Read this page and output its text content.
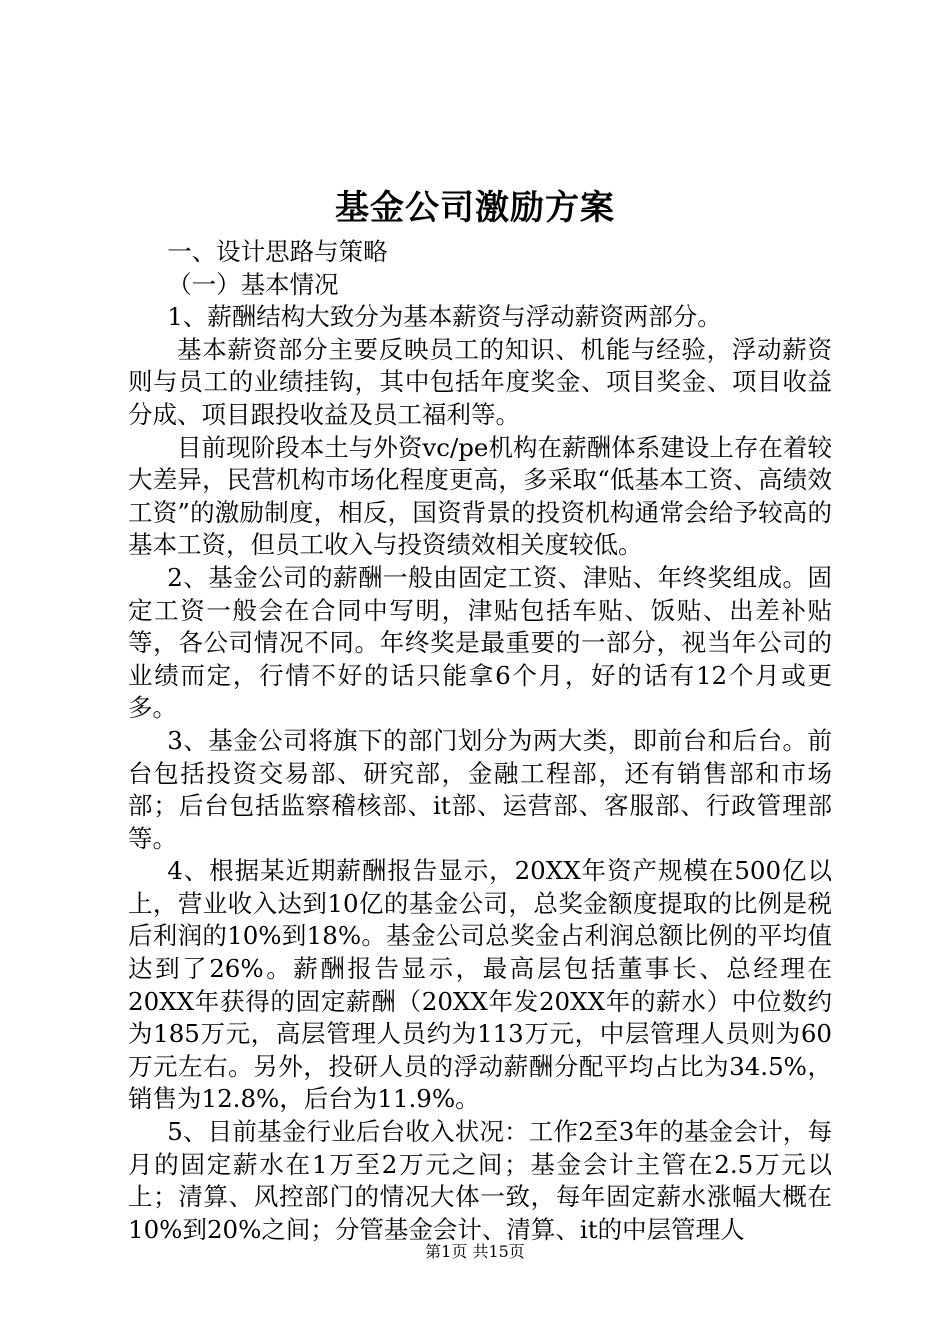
基金公司激励方案

一、设计思路与策略

（一）基本情况

1、薪酬结构大致分为基本薪资与浮动薪资两部分。

基本薪资部分主要反映员工的知识、机能与经验，浮动薪资则与员工的业绩挂钩，其中包括年度奖金、项目奖金、项目收益分成、项目跟投收益及员工福利等。

目前现阶段本土与外资vc/pe机构在薪酬体系建设上存在着较大差异，民营机构市场化程度更高，多采取“低基本工资、高绩效工资”的激励制度，相反，国资背景的投资机构通常会给予较高的基本工资，但员工收入与投资绩效相关度较低。

2、基金公司的薪酬一般由固定工资、津贴、年终奖组成。固定工资一般会在合同中写明，津贴包括车贴、饭贴、出差补贴等，各公司情况不同。年终奖是最重要的一部分，视当年公司的业绩而定，行情不好的话只能拿6个月，好的话有12个月或更多。

3、基金公司将旗下的部门划分为两大类，即前台和后台。前台包括投资交易部、研究部，金融工程部，还有销售部和市场部；后台包括监察稽核部、it部、运营部、客服部、行政管理部等。

4、根据某近期薪酬报告显示，20XX年资产规模在500亿以上，营业收入达到10亿的基金公司，总奖金额度提取的比例是税后利润的10%到18%。基金公司总奖金占利润总额比例的平均值达到了26%。薪酬报告显示，最高层包括董事长、总经理在20XX年获得的固定薪酬（20XX年发20XX年的薪水）中位数约为185万元，高层管理人员约为113万元，中层管理人员则为60万元左右。另外，投研人员的浮动薪酬分配平均占比为34.5%，销售为12.8%，后台为11.9%。

5、目前基金行业后台收入状况：工作2至3年的基金会计，每月的固定薪水在1万至2万元之间；基金会计主管在2.5万元以上；清算、风控部门的情况大体一致，每年固定薪水涨幅大概在10%到20%之间；分管基金会计、清算、it的中层管理人

第1页 共15页
